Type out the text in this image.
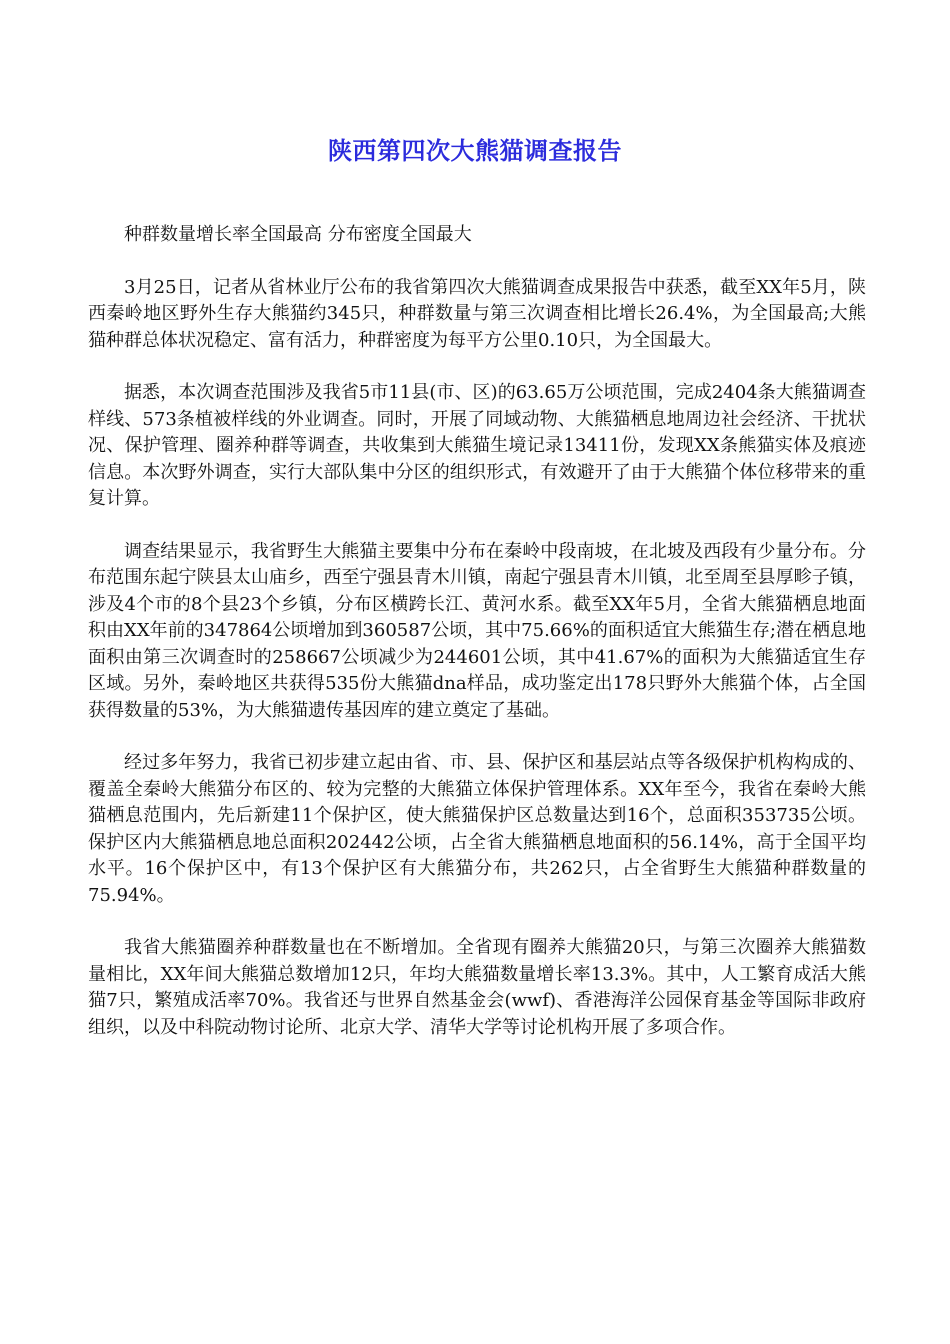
陕西第四次大熊猫调查报告

种群数量增长率全国最高 分布密度全国最大

3月25日，记者从省林业厅公布的我省第四次大熊猫调查成果报告中获悉，截至XX年5月，陕西秦岭地区野外生存大熊猫约345只，种群数量与第三次调查相比增长26.4%，为全国最高;大熊猫种群总体状况稳定、富有活力，种群密度为每平方公里0.10只，为全国最大。

据悉，本次调查范围涉及我省5市11县(市、区)的63.65万公顷范围，完成2404条大熊猫调查样线、573条植被样线的外业调查。同时，开展了同域动物、大熊猫栖息地周边社会经济、干扰状况、保护管理、圈养种群等调查，共收集到大熊猫生境记录13411份，发现XX条熊猫实体及痕迹信息。本次野外调查，实行大部队集中分区的组织形式，有效避开了由于大熊猫个体位移带来的重复计算。

调查结果显示，我省野生大熊猫主要集中分布在秦岭中段南坡，在北坡及西段有少量分布。分布范围东起宁陕县太山庙乡，西至宁强县青木川镇，南起宁强县青木川镇，北至周至县厚畛子镇，涉及4个市的8个县23个乡镇，分布区横跨长江、黄河水系。截至XX年5月，全省大熊猫栖息地面积由XX年前的347864公顷增加到360587公顷，其中75.66%的面积适宜大熊猫生存;潜在栖息地面积由第三次调查时的258667公顷减少为244601公顷，其中41.67%的面积为大熊猫适宜生存区域。另外，秦岭地区共获得535份大熊猫dna样品，成功鉴定出178只野外大熊猫个体，占全国获得数量的53%，为大熊猫遗传基因库的建立奠定了基础。

经过多年努力，我省已初步建立起由省、市、县、保护区和基层站点等各级保护机构构成的、覆盖全秦岭大熊猫分布区的、较为完整的大熊猫立体保护管理体系。XX年至今，我省在秦岭大熊猫栖息范围内，先后新建11个保护区，使大熊猫保护区总数量达到16个，总面积353735公顷。保护区内大熊猫栖息地总面积202442公顷，占全省大熊猫栖息地面积的56.14%，高于全国平均水平。16个保护区中，有13个保护区有大熊猫分布，共262只，占全省野生大熊猫种群数量的75.94%。

我省大熊猫圈养种群数量也在不断增加。全省现有圈养大熊猫20只，与第三次圈养大熊猫数量相比，XX年间大熊猫总数增加12只，年均大熊猫数量增长率13.3%。其中，人工繁育成活大熊猫7只，繁殖成活率70%。我省还与世界自然基金会(wwf)、香港海洋公园保育基金等国际非政府组织，以及中科院动物讨论所、北京大学、清华大学等讨论机构开展了多项合作。
